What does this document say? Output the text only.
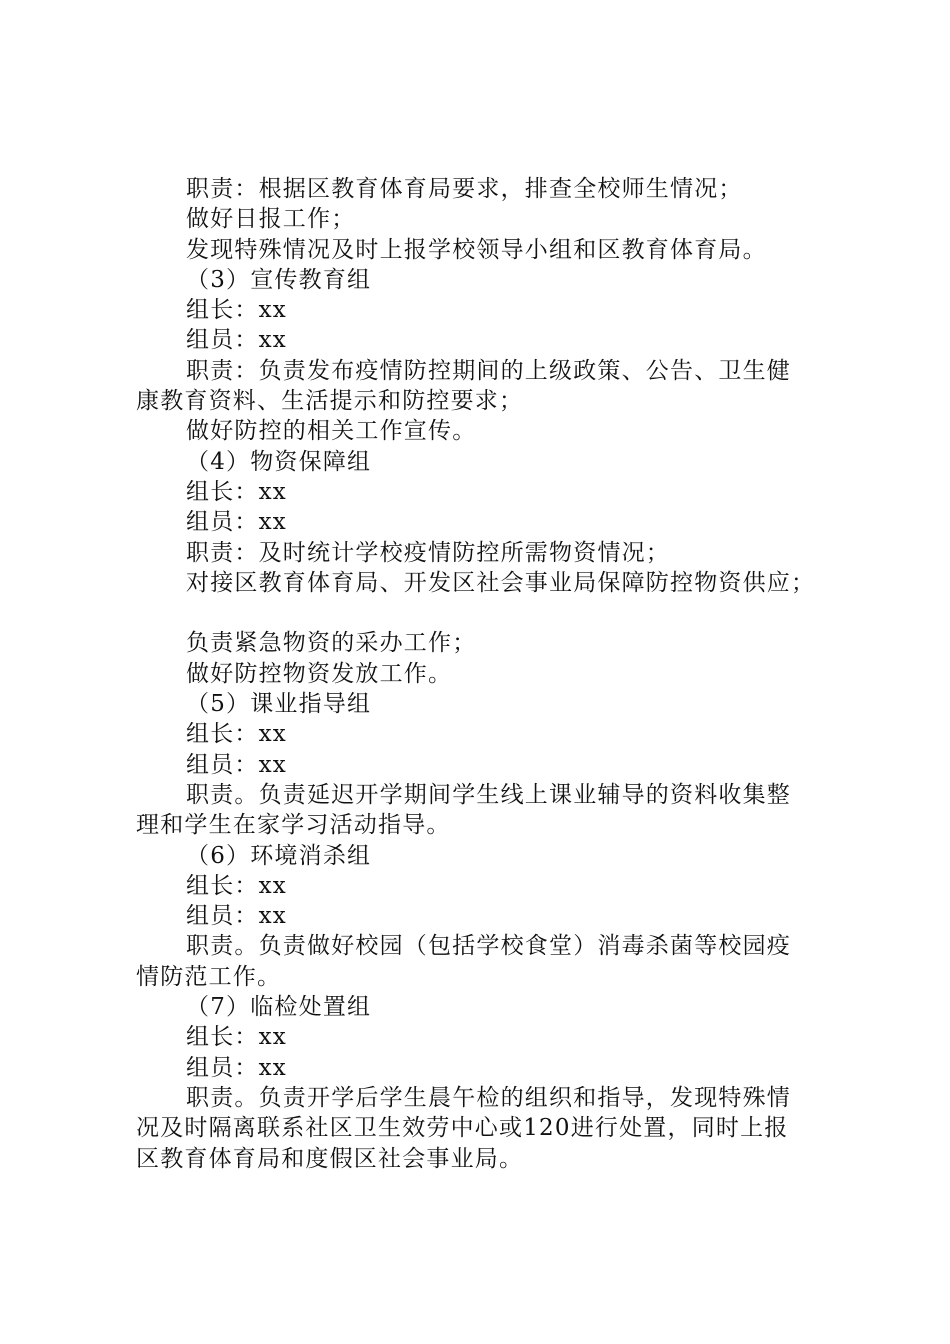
职责：根据区教育体育局要求，排查全校师生情况；

做好日报工作；

发现特殊情况及时上报学校领导小组和区教育体育局。

（3）宣传教育组

组长：xx

组员：xx

职责：负责发布疫情防控期间的上级政策、公告、卫生健

康教育资料、生活提示和防控要求；

做好防控的相关工作宣传。

（4）物资保障组

组长：xx

组员：xx

职责：及时统计学校疫情防控所需物资情况；

对接区教育体育局、开发区社会事业局保障防控物资供应；

负责紧急物资的采办工作；

做好防控物资发放工作。

（5）课业指导组

组长：xx

组员：xx

职责。负责延迟开学期间学生线上课业辅导的资料收集整

理和学生在家学习活动指导。

（6）环境消杀组

组长：xx

组员：xx

职责。负责做好校园（包括学校食堂）消毒杀菌等校园疫

情防范工作。

（7）临检处置组

组长：xx

组员：xx

职责。负责开学后学生晨午检的组织和指导，发现特殊情

况及时隔离联系社区卫生效劳中心或120进行处置，同时上报

区教育体育局和度假区社会事业局。
